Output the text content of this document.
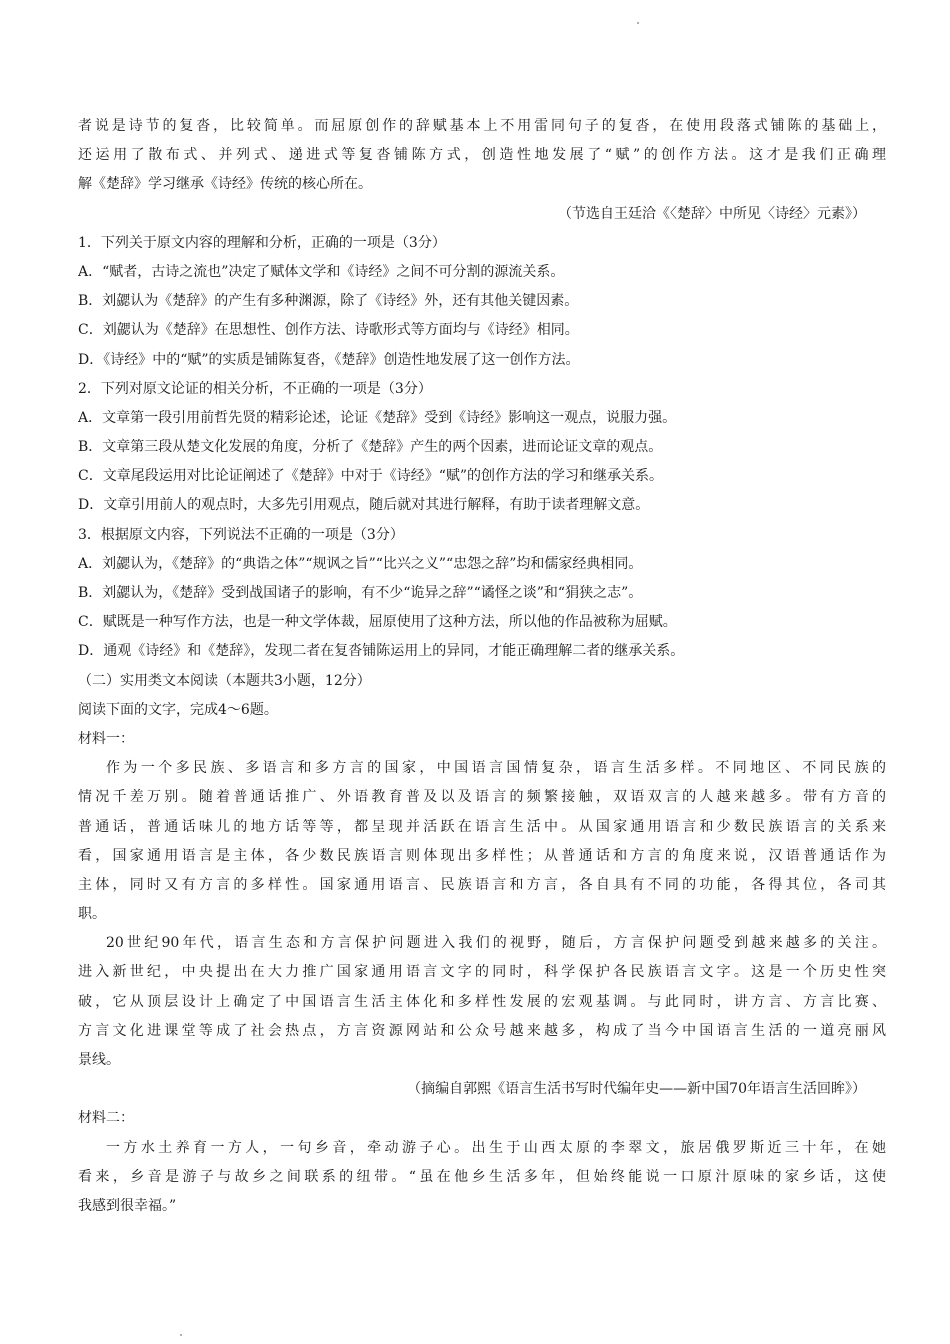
者说是诗节的复沓，比较简单。而屈原创作的辞赋基本上不用雷同句子的复沓，在使用段落式铺陈的基础上，
还运用了散布式、并列式、递进式等复沓铺陈方式，创造性地发展了“赋”的创作方法。这才是我们正确理
解《楚辞》学习继承《诗经》传统的核心所在。
（节选自王廷洽《〈楚辞〉中所见〈诗经〉元素》）
1．下列关于原文内容的理解和分析，正确的一项是（3分）
A．“赋者，古诗之流也”决定了赋体文学和《诗经》之间不可分割的源流关系。
B．刘勰认为《楚辞》的产生有多种渊源，除了《诗经》外，还有其他关键因素。
C．刘勰认为《楚辞》在思想性、创作方法、诗歌形式等方面均与《诗经》相同。
D．《诗经》中的“赋”的实质是铺陈复沓，《楚辞》创造性地发展了这一创作方法。
2．下列对原文论证的相关分析，不正确的一项是（3分）
A．文章第一段引用前哲先贤的精彩论述，论证《楚辞》受到《诗经》影响这一观点，说服力强。
B．文章第三段从楚文化发展的角度，分析了《楚辞》产生的两个因素，进而论证文章的观点。
C．文章尾段运用对比论证阐述了《楚辞》中对于《诗经》“赋”的创作方法的学习和继承关系。
D．文章引用前人的观点时，大多先引用观点，随后就对其进行解释，有助于读者理解文意。
3．根据原文内容，下列说法不正确的一项是（3分）
A．刘勰认为，《楚辞》的“典诰之体”“规讽之旨”“比兴之义”“忠怨之辞”均和儒家经典相同。
B．刘勰认为，《楚辞》受到战国诸子的影响，有不少“诡异之辞”“谲怪之谈”和“狷狭之志”。
C．赋既是一种写作方法，也是一种文学体裁，屈原使用了这种方法，所以他的作品被称为屈赋。
D．通观《诗经》和《楚辞》，发现二者在复沓铺陈运用上的异同，才能正确理解二者的继承关系。
（二）实用类文本阅读（本题共3小题，12分）
阅读下面的文字，完成4～6题。
材料一：
作为一个多民族、多语言和多方言的国家，中国语言国情复杂，语言生活多样。不同地区、不同民族的
情况千差万别。随着普通话推广、外语教育普及以及语言的频繁接触，双语双言的人越来越多。带有方音的
普通话，普通话味儿的地方话等等，都呈现并活跃在语言生活中。从国家通用语言和少数民族语言的关系来
看，国家通用语言是主体，各少数民族语言则体现出多样性；从普通话和方言的角度来说，汉语普通话作为
主体，同时又有方言的多样性。国家通用语言、民族语言和方言，各自具有不同的功能，各得其位，各司其
职。
20世纪90年代，语言生态和方言保护问题进入我们的视野，随后，方言保护问题受到越来越多的关注。
进入新世纪，中央提出在大力推广国家通用语言文字的同时，科学保护各民族语言文字。这是一个历史性突
破，它从顶层设计上确定了中国语言生活主体化和多样性发展的宏观基调。与此同时，讲方言、方言比赛、
方言文化进课堂等成了社会热点，方言资源网站和公众号越来越多，构成了当今中国语言生活的一道亮丽风
景线。
（摘编自郭熙《语言生活书写时代编年史——新中国70年语言生活回眸》）
材料二：
一方水土养育一方人，一句乡音，牵动游子心。出生于山西太原的李翠文，旅居俄罗斯近三十年，在她
看来，乡音是游子与故乡之间联系的纽带。“虽在他乡生活多年，但始终能说一口原汁原味的家乡话，这使
我感到很幸福。”
